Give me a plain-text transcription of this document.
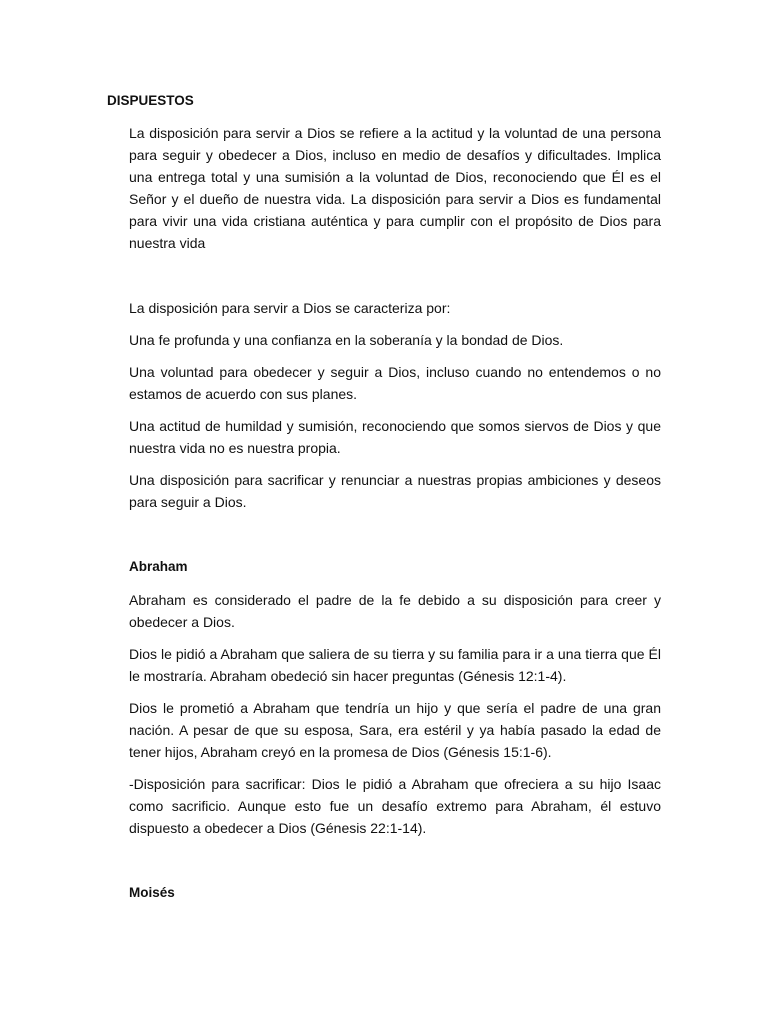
DISPUESTOS

La disposición para servir a Dios se refiere a la actitud y la voluntad de una persona para seguir y obedecer a Dios, incluso en medio de desafíos y dificultades. Implica una entrega total y una sumisión a la voluntad de Dios, reconociendo que Él es el Señor y el dueño de nuestra vida. La disposición para servir a Dios es fundamental para vivir una vida cristiana auténtica y para cumplir con el propósito de Dios para nuestra vida

La disposición para servir a Dios se caracteriza por:

Una fe profunda y una confianza en la soberanía y la bondad de Dios.

Una voluntad para obedecer y seguir a Dios, incluso cuando no entendemos o no estamos de acuerdo con sus planes.

Una actitud de humildad y sumisión, reconociendo que somos siervos de Dios y que nuestra vida no es nuestra propia.

Una disposición para sacrificar y renunciar a nuestras propias ambiciones y deseos para seguir a Dios.

Abraham

Abraham es considerado el padre de la fe debido a su disposición para creer y obedecer a Dios.

Dios le pidió a Abraham que saliera de su tierra y su familia para ir a una tierra que Él le mostraría. Abraham obedeció sin hacer preguntas (Génesis 12:1-4).

Dios le prometió a Abraham que tendría un hijo y que sería el padre de una gran nación. A pesar de que su esposa, Sara, era estéril y ya había pasado la edad de tener hijos, Abraham creyó en la promesa de Dios (Génesis 15:1-6).

-Disposición para sacrificar: Dios le pidió a Abraham que ofreciera a su hijo Isaac como sacrificio. Aunque esto fue un desafío extremo para Abraham, él estuvo dispuesto a obedecer a Dios (Génesis 22:1-14).

Moisés
